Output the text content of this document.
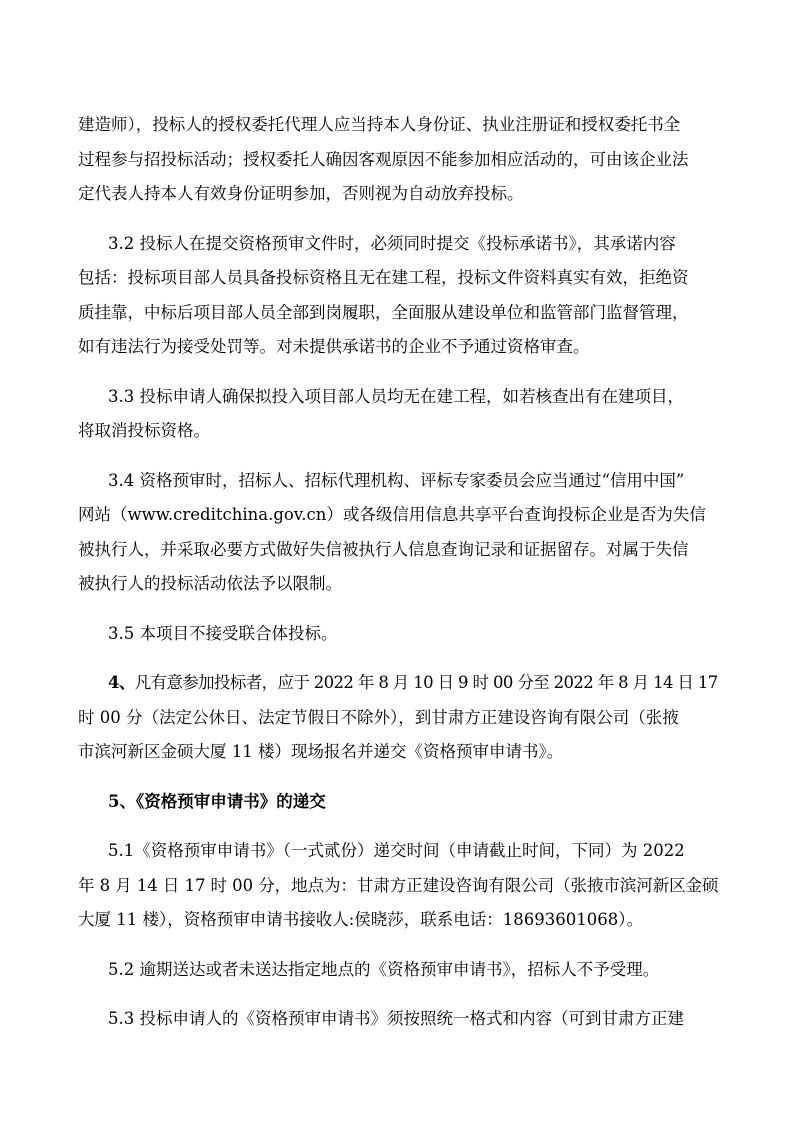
建造师），投标人的授权委托代理人应当持本人身份证、执业注册证和授权委托书全
过程参与招投标活动；授权委托人确因客观原因不能参加相应活动的，可由该企业法
定代表人持本人有效身份证明参加，否则视为自动放弃投标。

3.2 投标人在提交资格预审文件时，必须同时提交《投标承诺书》，其承诺内容
包括：投标项目部人员具备投标资格且无在建工程，投标文件资料真实有效，拒绝资
质挂靠，中标后项目部人员全部到岗履职，全面服从建设单位和监管部门监督管理，
如有违法行为接受处罚等。对未提供承诺书的企业不予通过资格审查。

3.3 投标申请人确保拟投入项目部人员均无在建工程，如若核查出有在建项目，
将取消投标资格。

3.4 资格预审时，招标人、招标代理机构、评标专家委员会应当通过“信用中国”
网站（www.creditchina.gov.cn）或各级信用信息共享平台查询投标企业是否为失信
被执行人，并采取必要方式做好失信被执行人信息查询记录和证据留存。对属于失信
被执行人的投标活动依法予以限制。

3.5 本项目不接受联合体投标。

4、凡有意参加投标者，应于 2022 年 8 月 10 日 9 时 00 分至 2022 年 8 月 14 日 17
时 00 分（法定公休日、法定节假日不除外），到甘肃方正建设咨询有限公司（张掖
市滨河新区金硕大厦 11 楼）现场报名并递交《资格预审申请书》。

5、《资格预审申请书》的递交

5.1《资格预审申请书》（一式贰份）递交时间（申请截止时间，下同）为 2022
年 8 月 14 日 17 时 00 分，地点为：甘肃方正建设咨询有限公司（张掖市滨河新区金硕
大厦 11 楼），资格预审申请书接收人:侯晓莎，联系电话：18693601068）。

5.2 逾期送达或者未送达指定地点的《资格预审申请书》，招标人不予受理。

5.3 投标申请人的《资格预审申请书》须按照统一格式和内容（可到甘肃方正建
